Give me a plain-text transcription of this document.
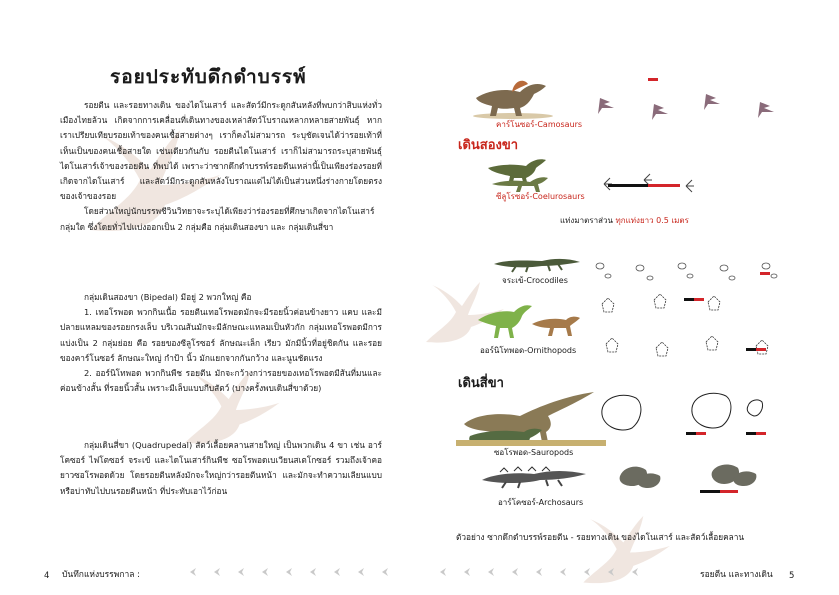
รอยประทับดึกดำบรรพ์

รอยตีน และรอยทางเดิน ของไดโนเสาร์ และสัตว์มีกระดูกสันหลังที่พบกว่าสิบแห่งทั่วเมืองไทยล้วน เกิดจากการเคลื่อนที่เดินทางของเหล่าสัตว์โบราณหลากหลายสายพันธุ์ หาก เราเปรียบเทียบรอยเท้าของคนเชื้อสายต่างๆ เราก็คงไม่สามารถ ระบุชัดเจนได้ว่ารอยเท้าที่เห็นเป็นของคนเชื้อสายใด เช่นเดียวกันกับ รอยตีนไดโนเสาร์ เราก็ไม่สามารถระบุสายพันธุ์ไดโนเสาร์เจ้าของรอยตีน ที่พบได้ เพราะว่าซากดึกดำบรรพ์รอยตีนเหล่านี้เป็นเพียงร่องรอยที่ เกิดจากไดโนเสาร์ และสัตว์มีกระดูกสันหลังโบราณแต่ไม่ได้เป็นส่วนหนึ่งร่างกายโดยตรงของเจ้าของรอย

โดยส่วนใหญ่นักบรรพชีวินวิทยาจะระบุได้เพียงว่าร่องรอยที่ศึกษาเกิดจากไดโนเสาร์กลุ่มใด ซึ่งโดยทั่วไปแบ่งออกเป็น 2 กลุ่มคือ กลุ่มเดินสองขา และ กลุ่มเดินสี่ขา

กลุ่มเดินสองขา (Bipedal) มีอยู่ 2 พวกใหญ่ คือ

1. เทอโรพอด พวกกินเนื้อ รอยตีนเทอโรพอดมักจะมีรอยนิ้วค่อนข้างยาว แคบ และมีปลายแหลมของรอยกรงเล็บ บริเวณส้นมักจะมีลักษณะแหลมเป็นหัวกัก กลุ่มเทอโรพอดมีการแบ่งเป็น 2 กลุ่มย่อย คือ รอยของซีลูโรซอร์ ลักษณะเล็ก เรียว มักมีนิ้วที่อยู่ชิดกัน และรอยของคาร์โนซอร์ ลักษณะใหญ่ กำป้า นิ้ว มักแยกจากกันกว้าง และนูนชัดแรง

2. ออร์นิโทพอด พวกกินพืช รอยตีน มักจะกว้างกว่ารอยของเทอโรพอดมีส้นที่มนและค่อนข้างสั้น ที่รอยนิ้วสั้น เพราะมีเล็บแบบกีบสัตว์ (บางครั้งพบเดินสี่ขาด้วย)

กลุ่มเดินสี่ขา (Quadrupedal) สัตว์เลื้อยคลานสายใหญ่ เป็นพวกเดิน 4 ขา เช่น อาร์โคซอร์ ไฟโตซอร์ จระเข้ และไดโนเสาร์กินพืช ซอโรพอดเบเวียนสเตโกซอร์ รวมถึงเจ้าคอยาวซอโรพอดด้วย โดยรอยตีนหลังมักจะใหญ่กว่ารอยตีนหน้า และมักจะทำความเลียนแบบ หรือบ่าทับไปบนรอยตีนหน้า ที่ประทับเอาไว้ก่อน

4 บันทึกแห่งบรรพกาล :
คาร์โนซอร์-Camosaurs
เดินสองขา
ซีลูโรซอร์-Coelurosaurs
แท่งมาตราส่วน ทุกแท่งยาว 0.5 เมตร
จระเข้-Crocodiles
ออร์นิโทพอด-Ornithopods
เดินสี่ขา
ซอโรพอด-Sauropods
อาร์โคซอร์-Archosaurs
ตัวอย่าง ซากดึกดำบรรพ์รอยตีน - รอยทางเดิน ของไดโนเสาร์ และสัตว์เลื้อยคลาน
รอยตีน และทางเดิน 5
